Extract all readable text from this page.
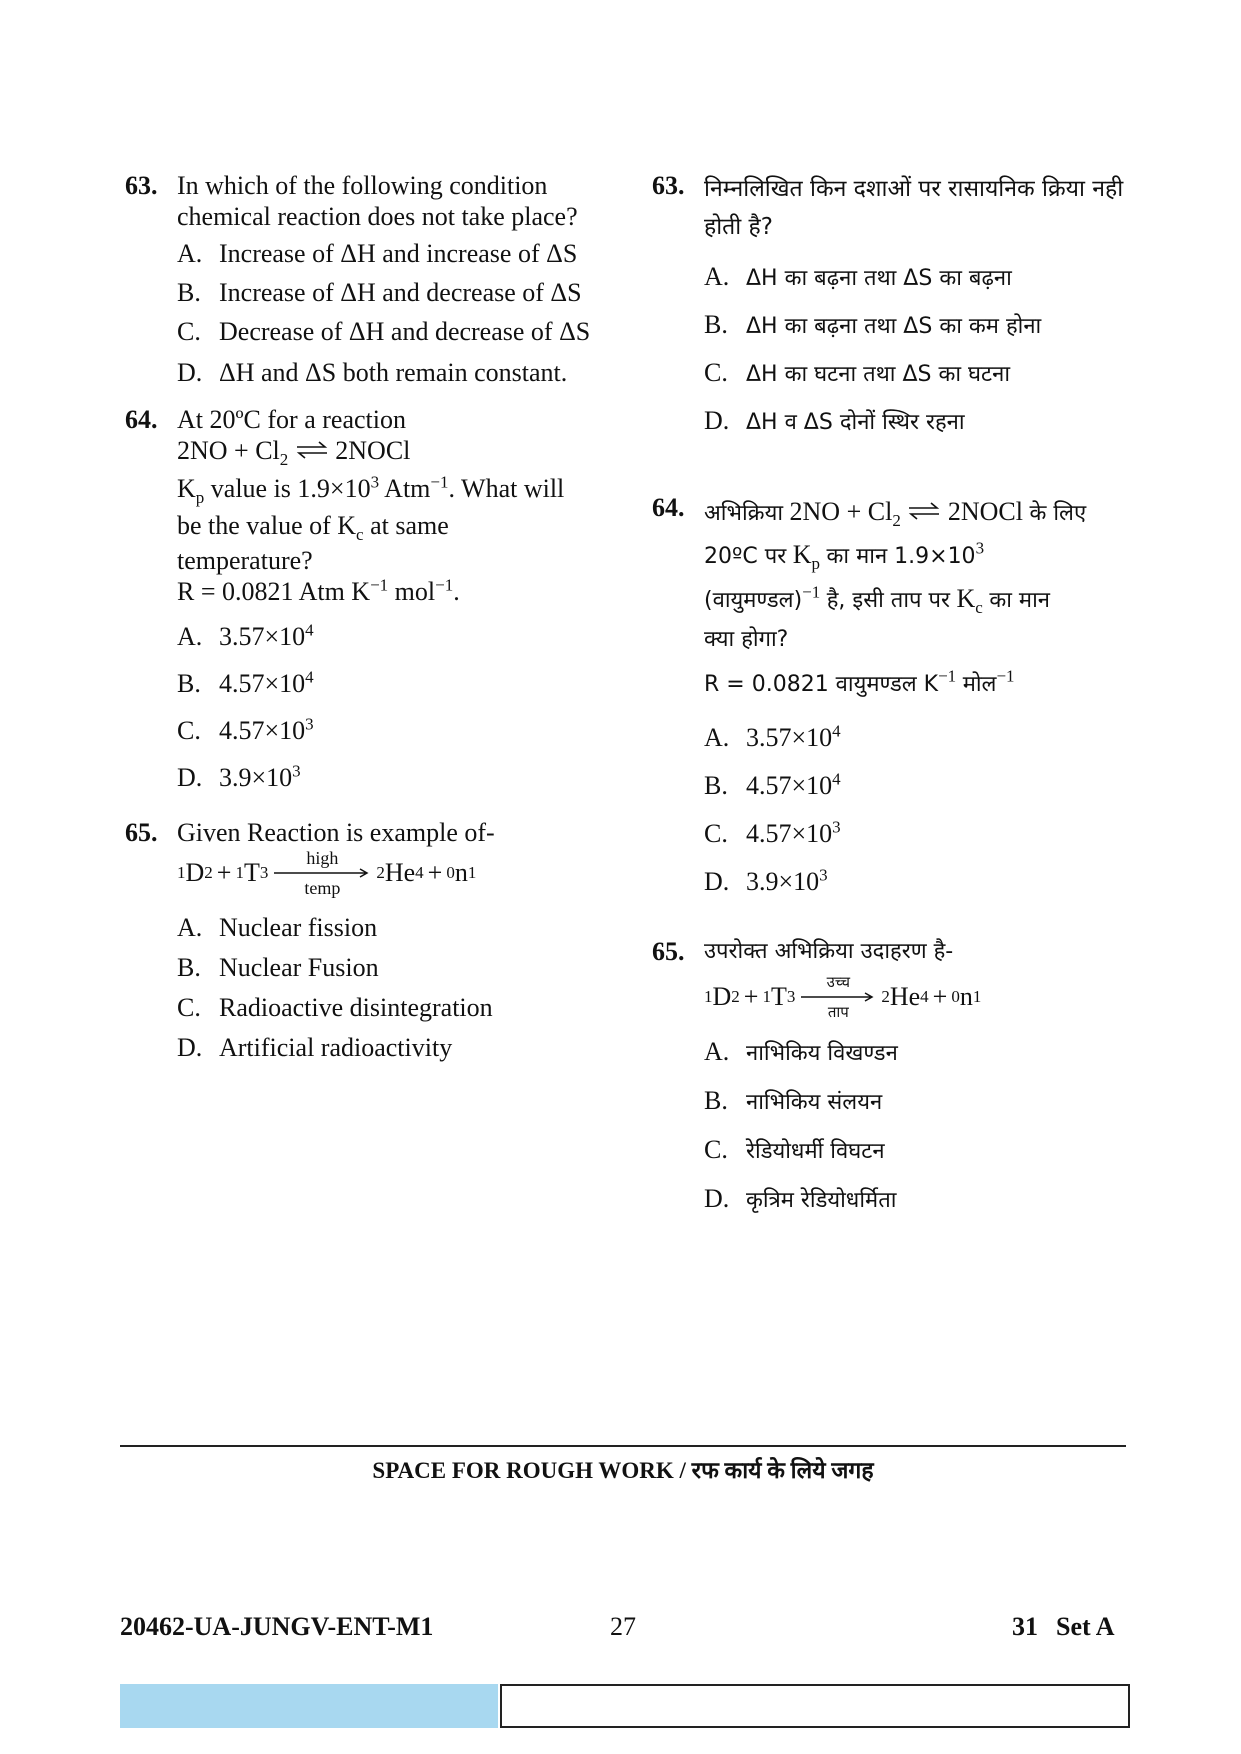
63. In which of the following condition chemical reaction does not take place?
A. Increase of ΔH and increase of ΔS
B. Increase of ΔH and decrease of ΔS
C. Decrease of ΔH and decrease of ΔS
D. ΔH and ΔS both remain constant.
64. At 20ºC for a reaction
$2NO + Cl_2$ ⇌ 2NOCl
$K_p$ value is $1.9\times 10^3$ Atm$^{-1}$. What will
be the value of $K_c$ at same
temperature?
R = 0.0821 Atm $K^{-1}$ mol$^{-1}$.
A. $3.57\times 10^4$
B. $4.57\times 10^4$
C. $4.57\times 10^3$
D. $3.9\times 10^3$
65. Given Reaction is example of-
1 D 2 + 1 T 3
high
temp
2 He 4 + 0 n 1
A. Nuclear fission
B. Nuclear Fusion
C. Radioactive disintegration
D. Artificial radioactivity
63. निम्नलिखित किन दशाओं पर रासायनिक क्रिया नही होती है?
A. ΔH का बढ़ना तथा ΔS का बढ़ना
B. ΔH का बढ़ना तथा ΔS का कम होना
C. ΔH का घटना तथा ΔS का घटना
D. ΔH व ΔS दोनों स्थिर रहना
64. अभिक्रिया $2NO + Cl_2$ ⇌ 2NOCl के लिए
20ºC पर $K_p$ का मान $1.9\times 10^3$
(वायुमण्डल)$^{-1}$ है, इसी ताप पर $K_c$ का मान
क्या होगा?
R = 0.0821 वायुमण्डल $K^{-1}$ मोल$^{-1}$
A. $3.57\times 10^4$
B. $4.57\times 10^4$
C. $4.57\times 10^3$
D. $3.9\times 10^3$
65. उपरोक्त अभिक्रिया उदाहरण है-
1 D 2 + 1 T 3
उच्च
ताप
2 He 4 + 0 n 1
A. नाभिकिय विखण्डन
B. नाभिकिय संलयन
C. रेडियोधर्मी विघटन
D. कृत्रिम रेडियोधर्मिता
SPACE FOR ROUGH WORK / रफ कार्य के लिये जगह
20462-UA-JUNGV-ENT-M1	27	31 Set A
